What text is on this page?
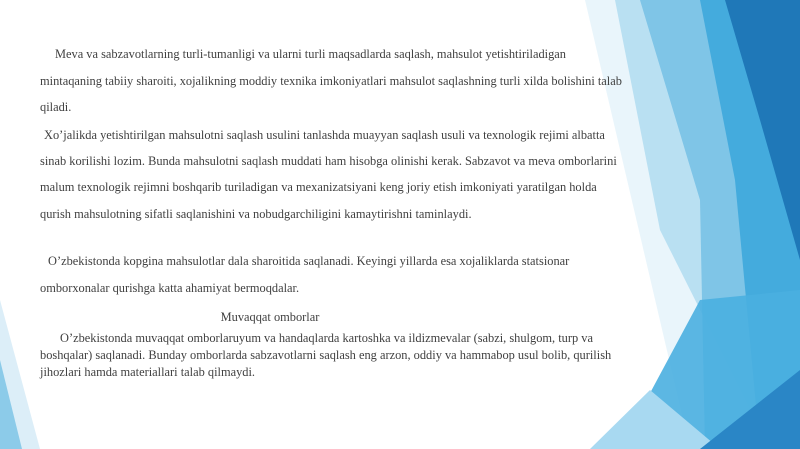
Meva va sabzavotlarning turli-tumanligi va ularni turli maqsadlarda saqlash, mahsulot yetishtiriladigan mintaqaning tabiiy sharoiti, xojalikning moddiy texnika imkoniyatlari mahsulot saqlashning turli xilda bolishini talab qiladi.
Xo’jalikda yetishtirilgan mahsulotni saqlash usulini tanlashda muayyan saqlash usuli va texnologik rejimi albatta sinab korilishi lozim. Bunda mahsulotni saqlash muddati ham hisobga olinishi kerak. Sabzavot va meva omborlarini malum texnologik rejimni boshqarib turiladigan va mexanizatsiyani keng joriy etish imkoniyati yaratilgan holda qurish mahsulotning sifatli saqlanishini va nobudgarchiligini kamaytirishni taminlaydi.
O’zbekistonda kopgina mahsulotlar dala sharoitida saqlanadi. Keyingi yillarda esa xojaliklarda statsionar omborxonalar qurishga katta ahamiyat bermoqdalar.
Muvaqqat omborlar
O’zbekistonda muvaqqat omborlaruyum va handaqlarda kartoshka va ildizmevalar (sabzi, shulgom, turp va boshqalar) saqlanadi. Bunday omborlarda sabzavotlarni saqlash eng arzon, oddiy va hammabop usul bolib, qurilish jihozlari hamda materiallari talab qilmaydi.
